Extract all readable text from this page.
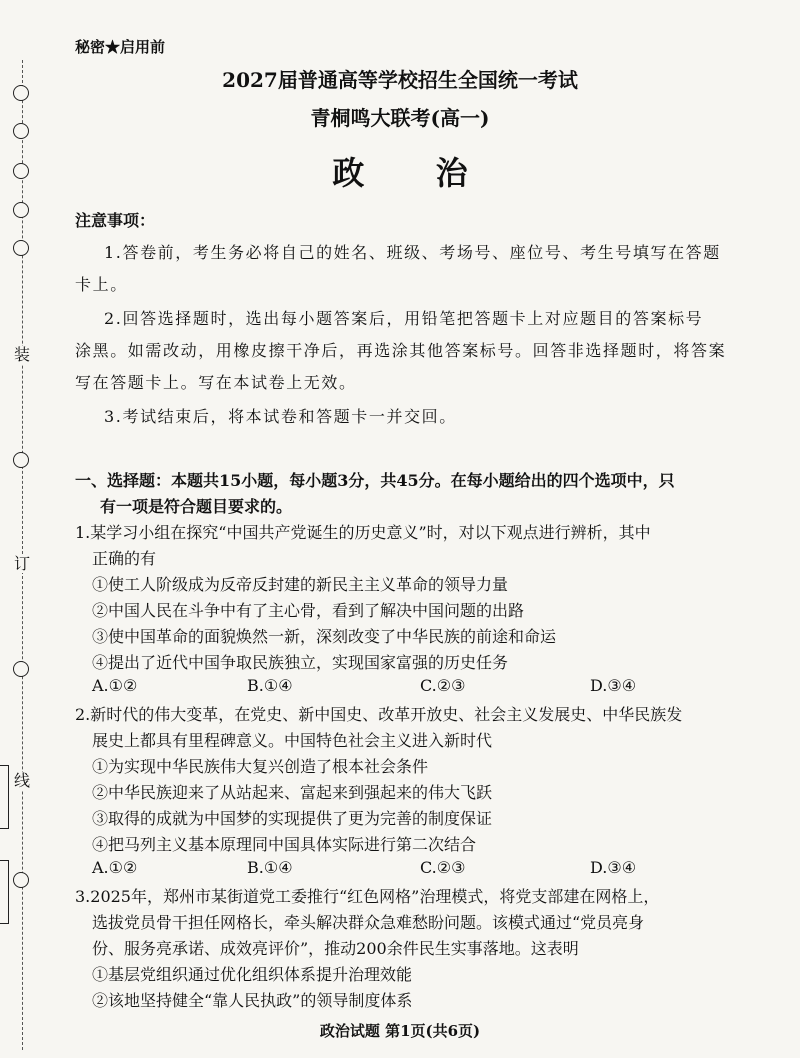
装
订
线
秘密★启用前
2027届普通高等学校招生全国统一考试
青桐鸣大联考(高一)
政 治
注意事项：
1.答卷前，考生务必将自己的姓名、班级、考场号、座位号、考生号填写在答题
卡上。
2.回答选择题时，选出每小题答案后，用铅笔把答题卡上对应题目的答案标号
涂黑。如需改动，用橡皮擦干净后，再选涂其他答案标号。回答非选择题时，将答案
写在答题卡上。写在本试卷上无效。
3.考试结束后，将本试卷和答题卡一并交回。
一、选择题：本题共15小题，每小题3分，共45分。在每小题给出的四个选项中，只
有一项是符合题目要求的。
1.某学习小组在探究“中国共产党诞生的历史意义”时，对以下观点进行辨析，其中
正确的有
①使工人阶级成为反帝反封建的新民主主义革命的领导力量
②中国人民在斗争中有了主心骨，看到了解决中国问题的出路
③使中国革命的面貌焕然一新，深刻改变了中华民族的前途和命运
④提出了近代中国争取民族独立，实现国家富强的历史任务
A.①②	B.①④	C.②③	D.③④
2.新时代的伟大变革，在党史、新中国史、改革开放史、社会主义发展史、中华民族发
展史上都具有里程碑意义。中国特色社会主义进入新时代
①为实现中华民族伟大复兴创造了根本社会条件
②中华民族迎来了从站起来、富起来到强起来的伟大飞跃
③取得的成就为中国梦的实现提供了更为完善的制度保证
④把马列主义基本原理同中国具体实际进行第二次结合
A.①②	B.①④	C.②③	D.③④
3.2025年，郑州市某街道党工委推行“红色网格”治理模式，将党支部建在网格上，
选拔党员骨干担任网格长，牵头解决群众急难愁盼问题。该模式通过“党员亮身
份、服务亮承诺、成效亮评价”，推动200余件民生实事落地。这表明
①基层党组织通过优化组织体系提升治理效能
②该地坚持健全“靠人民执政”的领导制度体系
政治试题 第1页(共6页)
